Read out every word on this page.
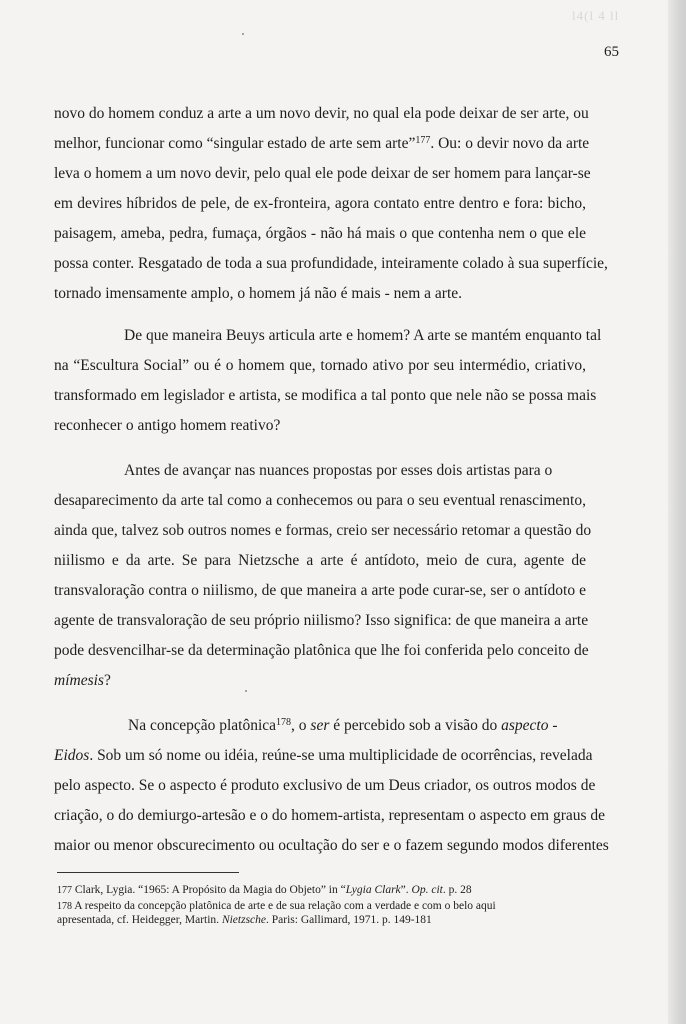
l4(l 4 ll
65
novo do homem conduz a arte a um novo devir, no qual ela pode deixar de ser arte, ou
melhor, funcionar como “singular estado de arte sem arte”$^{177}$. Ou: o devir novo da arte
leva o homem a um novo devir, pelo qual ele pode deixar de ser homem para lançar-se
em devires híbridos de pele, de ex-fronteira, agora contato entre dentro e fora: bicho,
paisagem, ameba, pedra, fumaça, órgãos - não há mais o que contenha nem o que ele
possa conter. Resgatado de toda a sua profundidade, inteiramente colado à sua superfície,
tornado imensamente amplo, o homem já não é mais - nem a arte.
De que maneira Beuys articula arte e homem? A arte se mantém enquanto tal
na “Escultura Social” ou é o homem que, tornado ativo por seu intermédio, criativo,
transformado em legislador e artista, se modifica a tal ponto que nele não se possa mais
reconhecer o antigo homem reativo?
Antes de avançar nas nuances propostas por esses dois artistas para o
desaparecimento da arte tal como a conhecemos ou para o seu eventual renascimento,
ainda que, talvez sob outros nomes e formas, creio ser necessário retomar a questão do
niilismo e da arte. Se para Nietzsche a arte é antídoto, meio de cura, agente de
transvaloração contra o niilismo, de que maneira a arte pode curar-se, ser o antídoto e
agente de transvaloração de seu próprio niilismo? Isso significa: de que maneira a arte
pode desvencilhar-se da determinação platônica que lhe foi conferida pelo conceito de
mímesis?
Na concepção platônica$^{178}$, o ser é percebido sob a visão do aspecto -
Eidos. Sob um só nome ou idéia, reúne-se uma multiplicidade de ocorrências, revelada
pelo aspecto. Se o aspecto é produto exclusivo de um Deus criador, os outros modos de
criação, o do demiurgo-artesão e o do homem-artista, representam o aspecto em graus de
maior ou menor obscurecimento ou ocultação do ser e o fazem segundo modos diferentes
177 Clark, Lygia. “1965: A Propósito da Magia do Objeto” in “Lygia Clark”. Op. cit. p. 28
178 A respeito da concepção platônica de arte e de sua relação com a verdade e com o belo aqui
apresentada, cf. Heidegger, Martin. Nietzsche. Paris: Gallimard, 1971. p. 149-181
